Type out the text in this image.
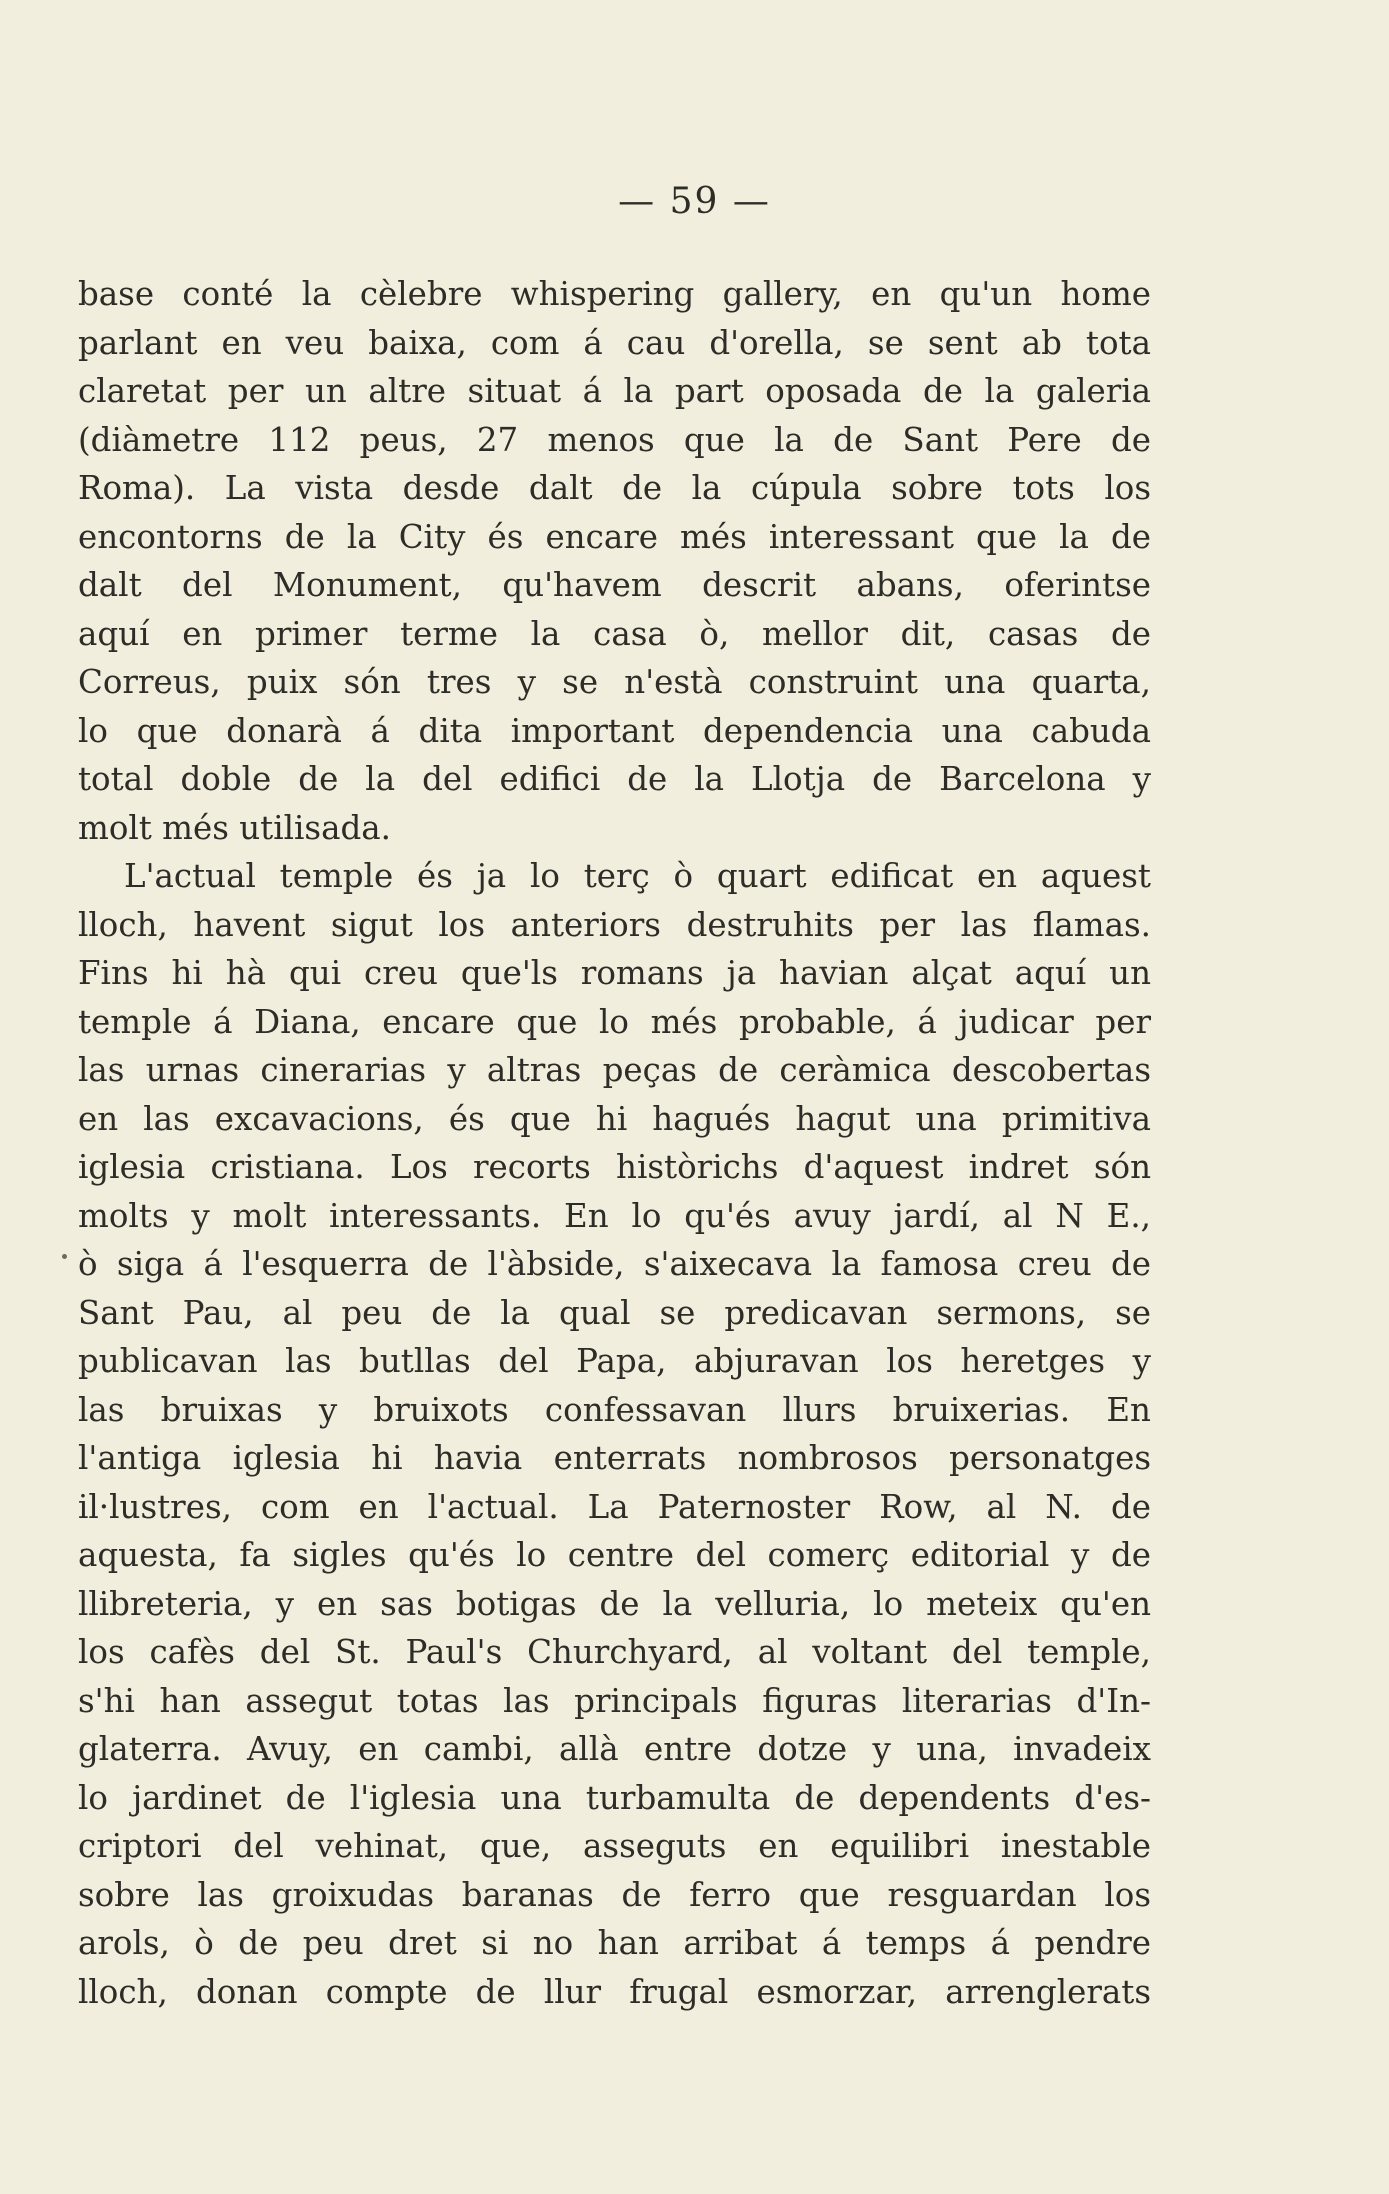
— 59 —
base conté la cèlebre whispering gallery, en qu'un home
parlant en veu baixa, com á cau d'orella, se sent ab tota
claretat per un altre situat á la part oposada de la galeria
(diàmetre 112 peus, 27 menos que la de Sant Pere de
Roma). La vista desde dalt de la cúpula sobre tots los
encontorns de la City és encare més interessant que la de
dalt del Monument, qu'havem descrit abans, oferintse
aquí en primer terme la casa ò, mellor dit, casas de
Correus, puix són tres y se n'està construint una quarta,
lo que donarà á dita important dependencia una cabuda
total doble de la del edifici de la Llotja de Barcelona y
molt més utilisada.
L'actual temple és ja lo terç ò quart edificat en aquest
lloch, havent sigut los anteriors destruhits per las flamas.
Fins hi hà qui creu que'ls romans ja havian alçat aquí un
temple á Diana, encare que lo més probable, á judicar per
las urnas cinerarias y altras peças de ceràmica descobertas
en las excavacions, és que hi hagués hagut una primitiva
iglesia cristiana. Los recorts històrichs d'aquest indret són
molts y molt interessants. En lo qu'és avuy jardí, al N E.,
ò siga á l'esquerra de l'àbside, s'aixecava la famosa creu de
Sant Pau, al peu de la qual se predicavan sermons, se
publicavan las butllas del Papa, abjuravan los heretges y
las bruixas y bruixots confessavan llurs bruixerias. En
l'antiga iglesia hi havia enterrats nombrosos personatges
il·lustres, com en l'actual. La Paternoster Row, al N. de
aquesta, fa sigles qu'és lo centre del comerç editorial y de
llibreteria, y en sas botigas de la velluria, lo meteix qu'en
los cafès del St. Paul's Churchyard, al voltant del temple,
s'hi han assegut totas las principals figuras literarias d'In-
glaterra. Avuy, en cambi, allà entre dotze y una, invadeix
lo jardinet de l'iglesia una turbamulta de dependents d'es-
criptori del vehinat, que, asseguts en equilibri inestable
sobre las groixudas baranas de ferro que resguardan los
arols, ò de peu dret si no han arribat á temps á pendre
lloch, donan compte de llur frugal esmorzar, arrenglerats
